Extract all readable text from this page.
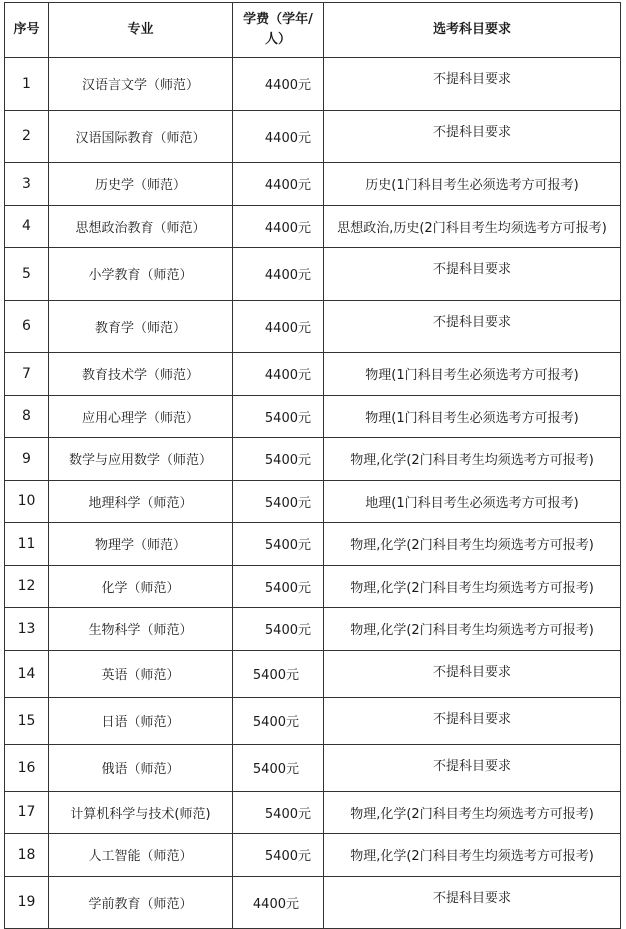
序号	专业	学费（学年/人）	选考科目要求
1	汉语言文学（师范）	4400元	不提科目要求
2	汉语国际教育（师范）	4400元	不提科目要求
3	历史学（师范）	4400元	历史(1门科目考生必须选考方可报考)
4	思想政治教育（师范）	4400元	思想政治,历史(2门科目考生均须选考方可报考)
5	小学教育（师范）	4400元	不提科目要求
6	教育学（师范）	4400元	不提科目要求
7	教育技术学（师范）	4400元	物理(1门科目考生必须选考方可报考)
8	应用心理学（师范）	5400元	物理(1门科目考生必须选考方可报考)
9	数学与应用数学（师范）	5400元	物理,化学(2门科目考生均须选考方可报考)
10	地理科学（师范）	5400元	地理(1门科目考生必须选考方可报考)
11	物理学（师范）	5400元	物理,化学(2门科目考生均须选考方可报考)
12	化学（师范）	5400元	物理,化学(2门科目考生均须选考方可报考)
13	生物科学（师范）	5400元	物理,化学(2门科目考生均须选考方可报考)
14	英语（师范）	5400元	不提科目要求
15	日语（师范）	5400元	不提科目要求
16	俄语（师范）	5400元	不提科目要求
17	计算机科学与技术(师范)	5400元	物理,化学(2门科目考生均须选考方可报考)
18	人工智能（师范）	5400元	物理,化学(2门科目考生均须选考方可报考)
19	学前教育（师范）	4400元	不提科目要求
